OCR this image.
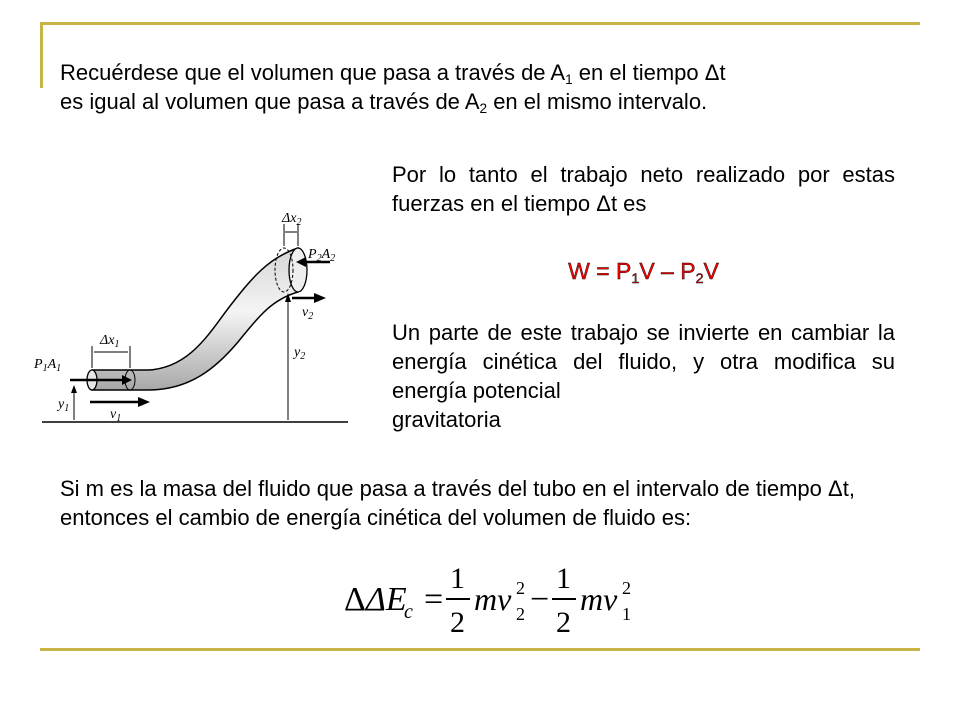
Recuérdese que el volumen que pasa a través de $A_1$ en el tiempo Δt
es igual al volumen que pasa a través de $A_2$ en el mismo intervalo.
Por lo tanto el trabajo neto realizado por estas fuerzas en el tiempo Δt es
$W = P_1V - P_2V$
Un parte de este trabajo se invierte en cambiar la energía cinética del fluido, y otra modifica su energía potencial
gravitatoria
Si m es la masa del fluido que pasa a través del tubo en el intervalo de tiempo Δt, entonces el cambio de energía cinética del volumen de fluido es:
$\Delta x_2$
$P_2A_2$
$v_2$
$y_2$
$\Delta x_1$
$P_1A_1$
$y_1$	$v_1$
ΔΔE
c =
1
2
mv 2
2 −
1
2
mv 2
1
